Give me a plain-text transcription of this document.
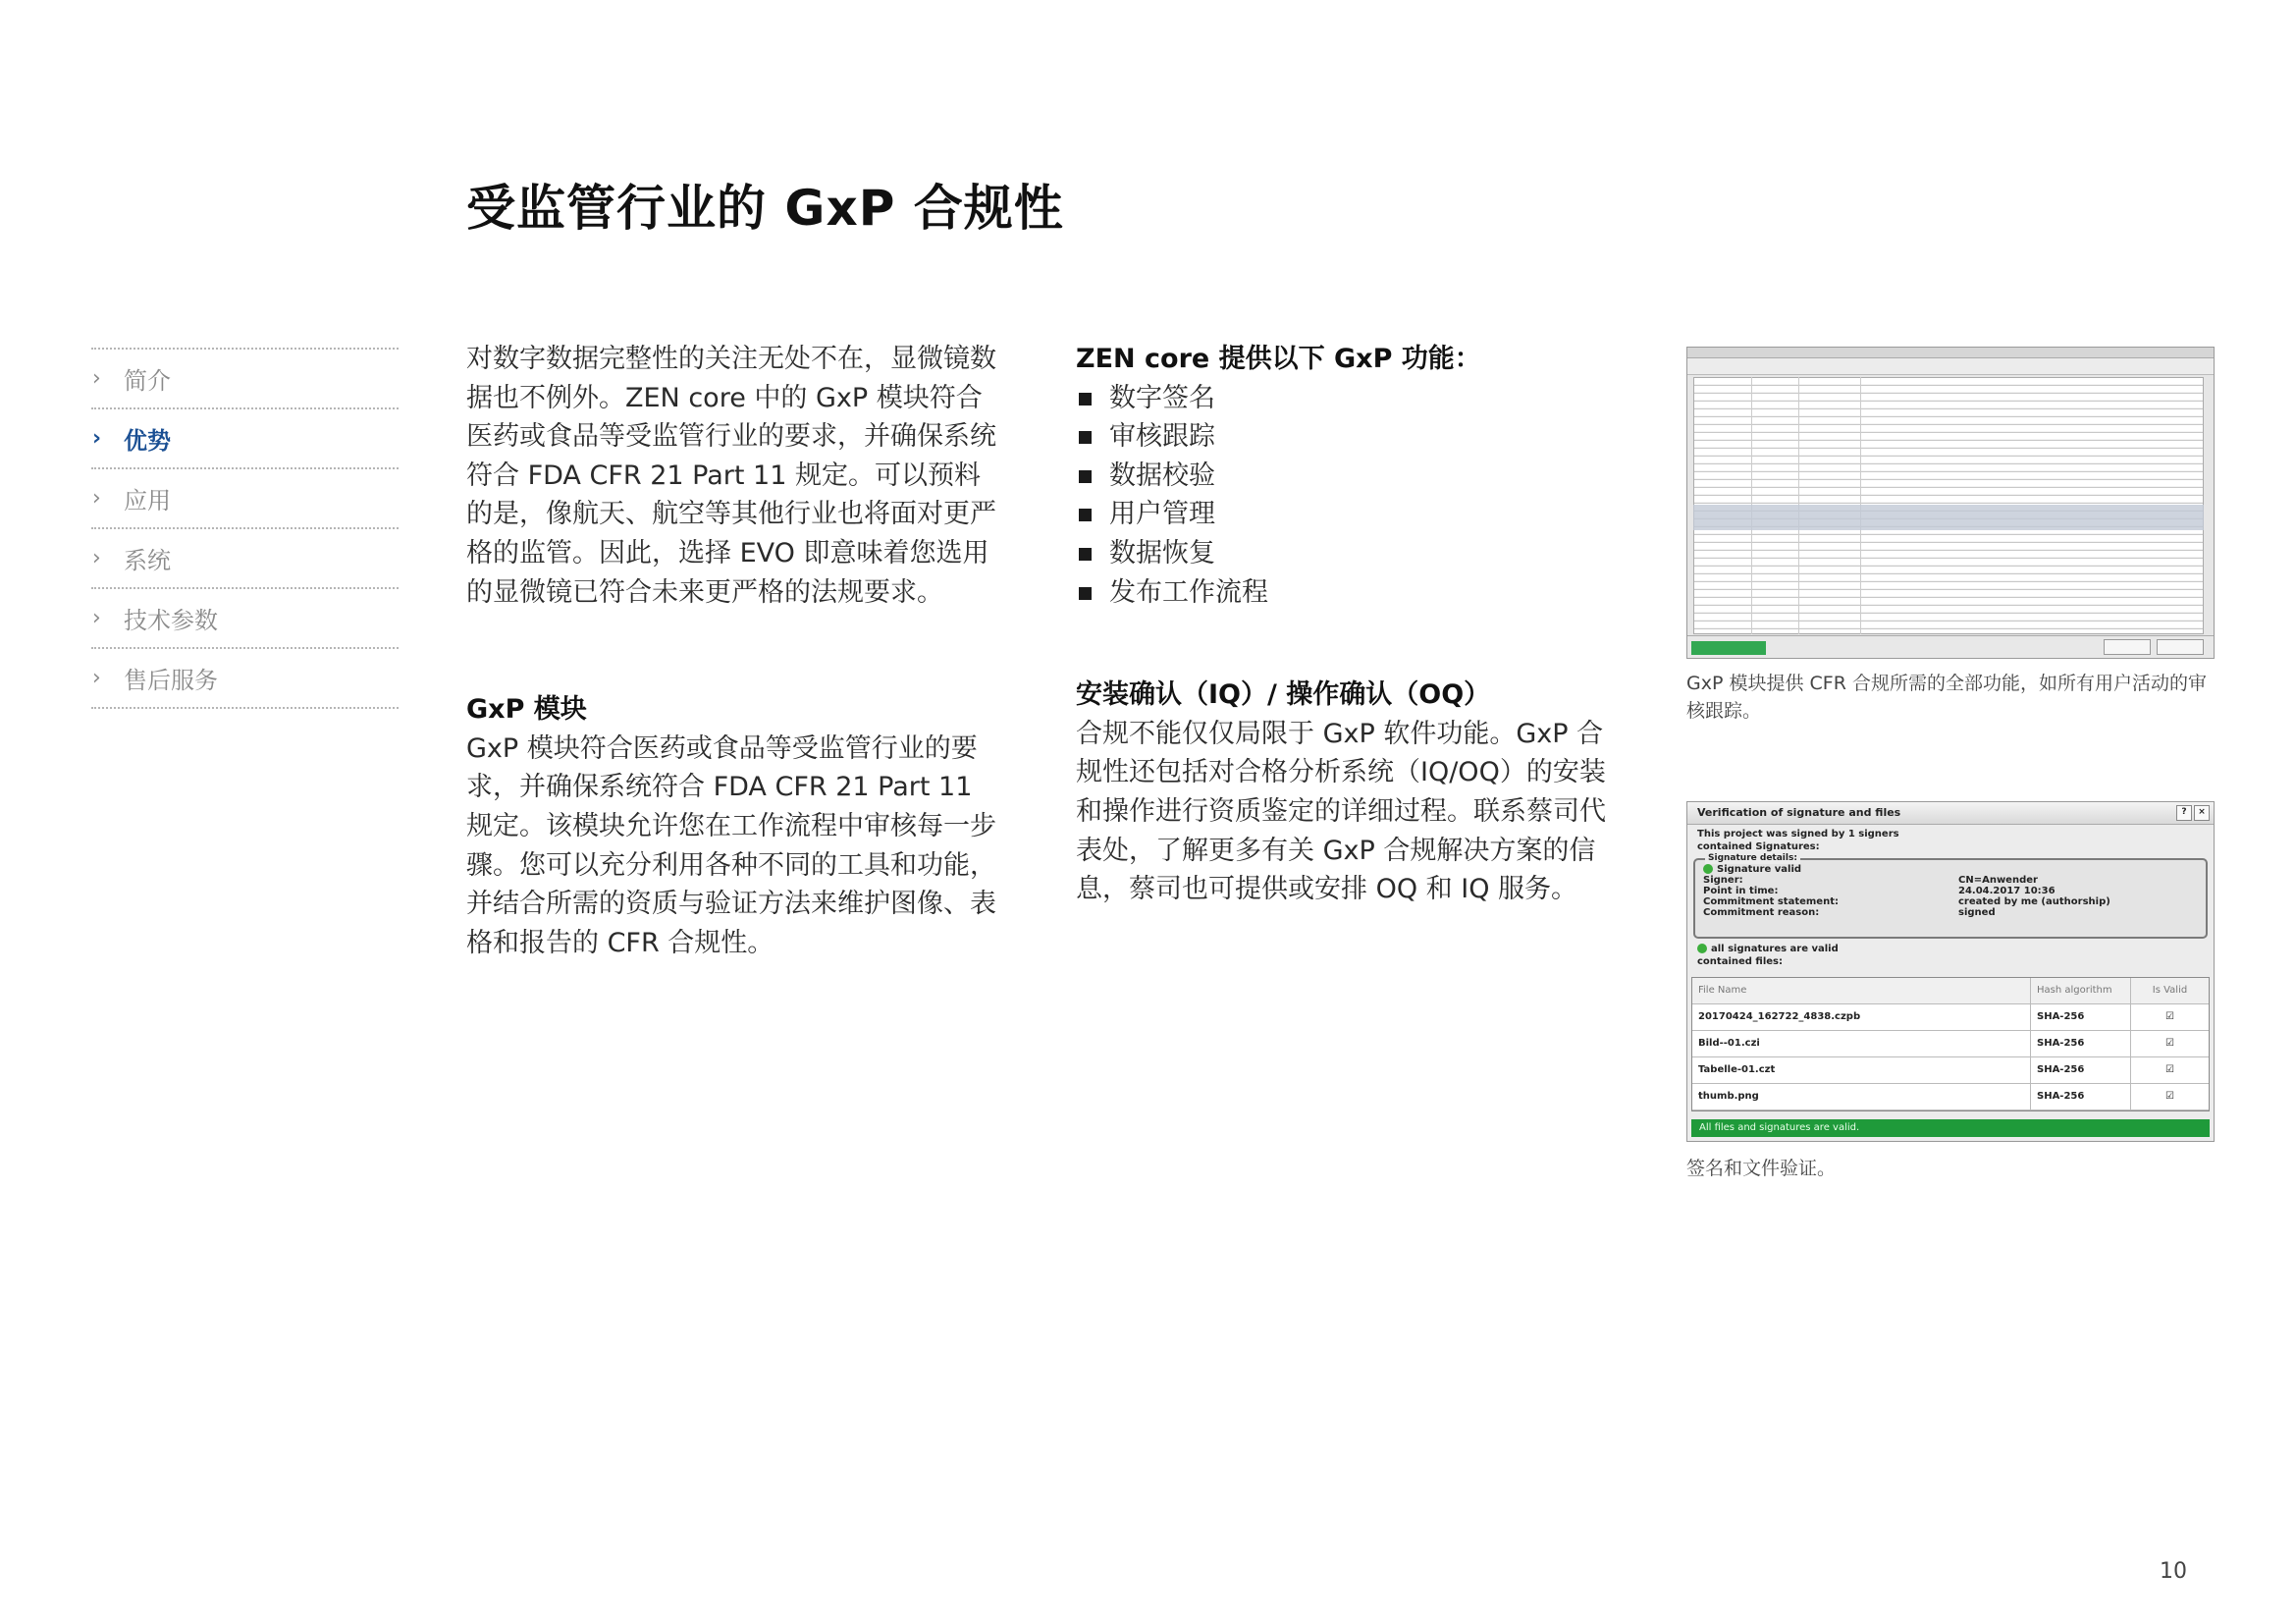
受监管行业的 GxP 合规性
› 简介
› 优势
› 应用
› 系统
› 技术参数
› 售后服务

对数字数据完整性的关注无处不在，显微镜数据也不例外。ZEN core 中的 GxP 模块符合医药或食品等受监管行业的要求，并确保系统符合 FDA CFR 21 Part 11 规定。可以预料的是，像航天、航空等其他行业也将面对更严格的监管。因此，选择 EVO 即意味着您选用的显微镜已符合未来更严格的法规要求。

GxP 模块

GxP 模块符合医药或食品等受监管行业的要求，并确保系统符合 FDA CFR 21 Part 11 规定。该模块允许您在工作流程中审核每一步骤。您可以充分利用各种不同的工具和功能，并结合所需的资质与验证方法来维护图像、表格和报告的 CFR 合规性。

ZEN core 提供以下 GxP 功能：

数字签名
审核跟踪
数据校验
用户管理
数据恢复
发布工作流程

安装确认（IQ）/ 操作确认（OQ）

合规不能仅仅局限于 GxP 软件功能。GxP 合规性还包括对合格分析系统（IQ/OQ）的安装和操作进行资质鉴定的详细过程。联系蔡司代表处，了解更多有关 GxP 合规解决方案的信息，蔡司也可提供或安排 OQ 和 IQ 服务。

GxP 模块提供 CFR 合规所需的全部功能，如所有用户活动的审核跟踪。
Verification of signature and files	?	×
This project was signed by 1 signers
contained Signatures:
Signature details:
Signature valid
Signer:	CN=Anwender
Point in time:	24.04.2017 10:36
Commitment statement:	created by me (authorship)
Commitment reason:	signed
all signatures are valid
contained files:
File Name	Hash algorithm	Is Valid
20170424_162722_4838.czpb	SHA-256	☑
Bild--01.czi	SHA-256	☑
Tabelle-01.czt	SHA-256	☑
thumb.png	SHA-256	☑
All files and signatures are valid.
签名和文件验证。
10
